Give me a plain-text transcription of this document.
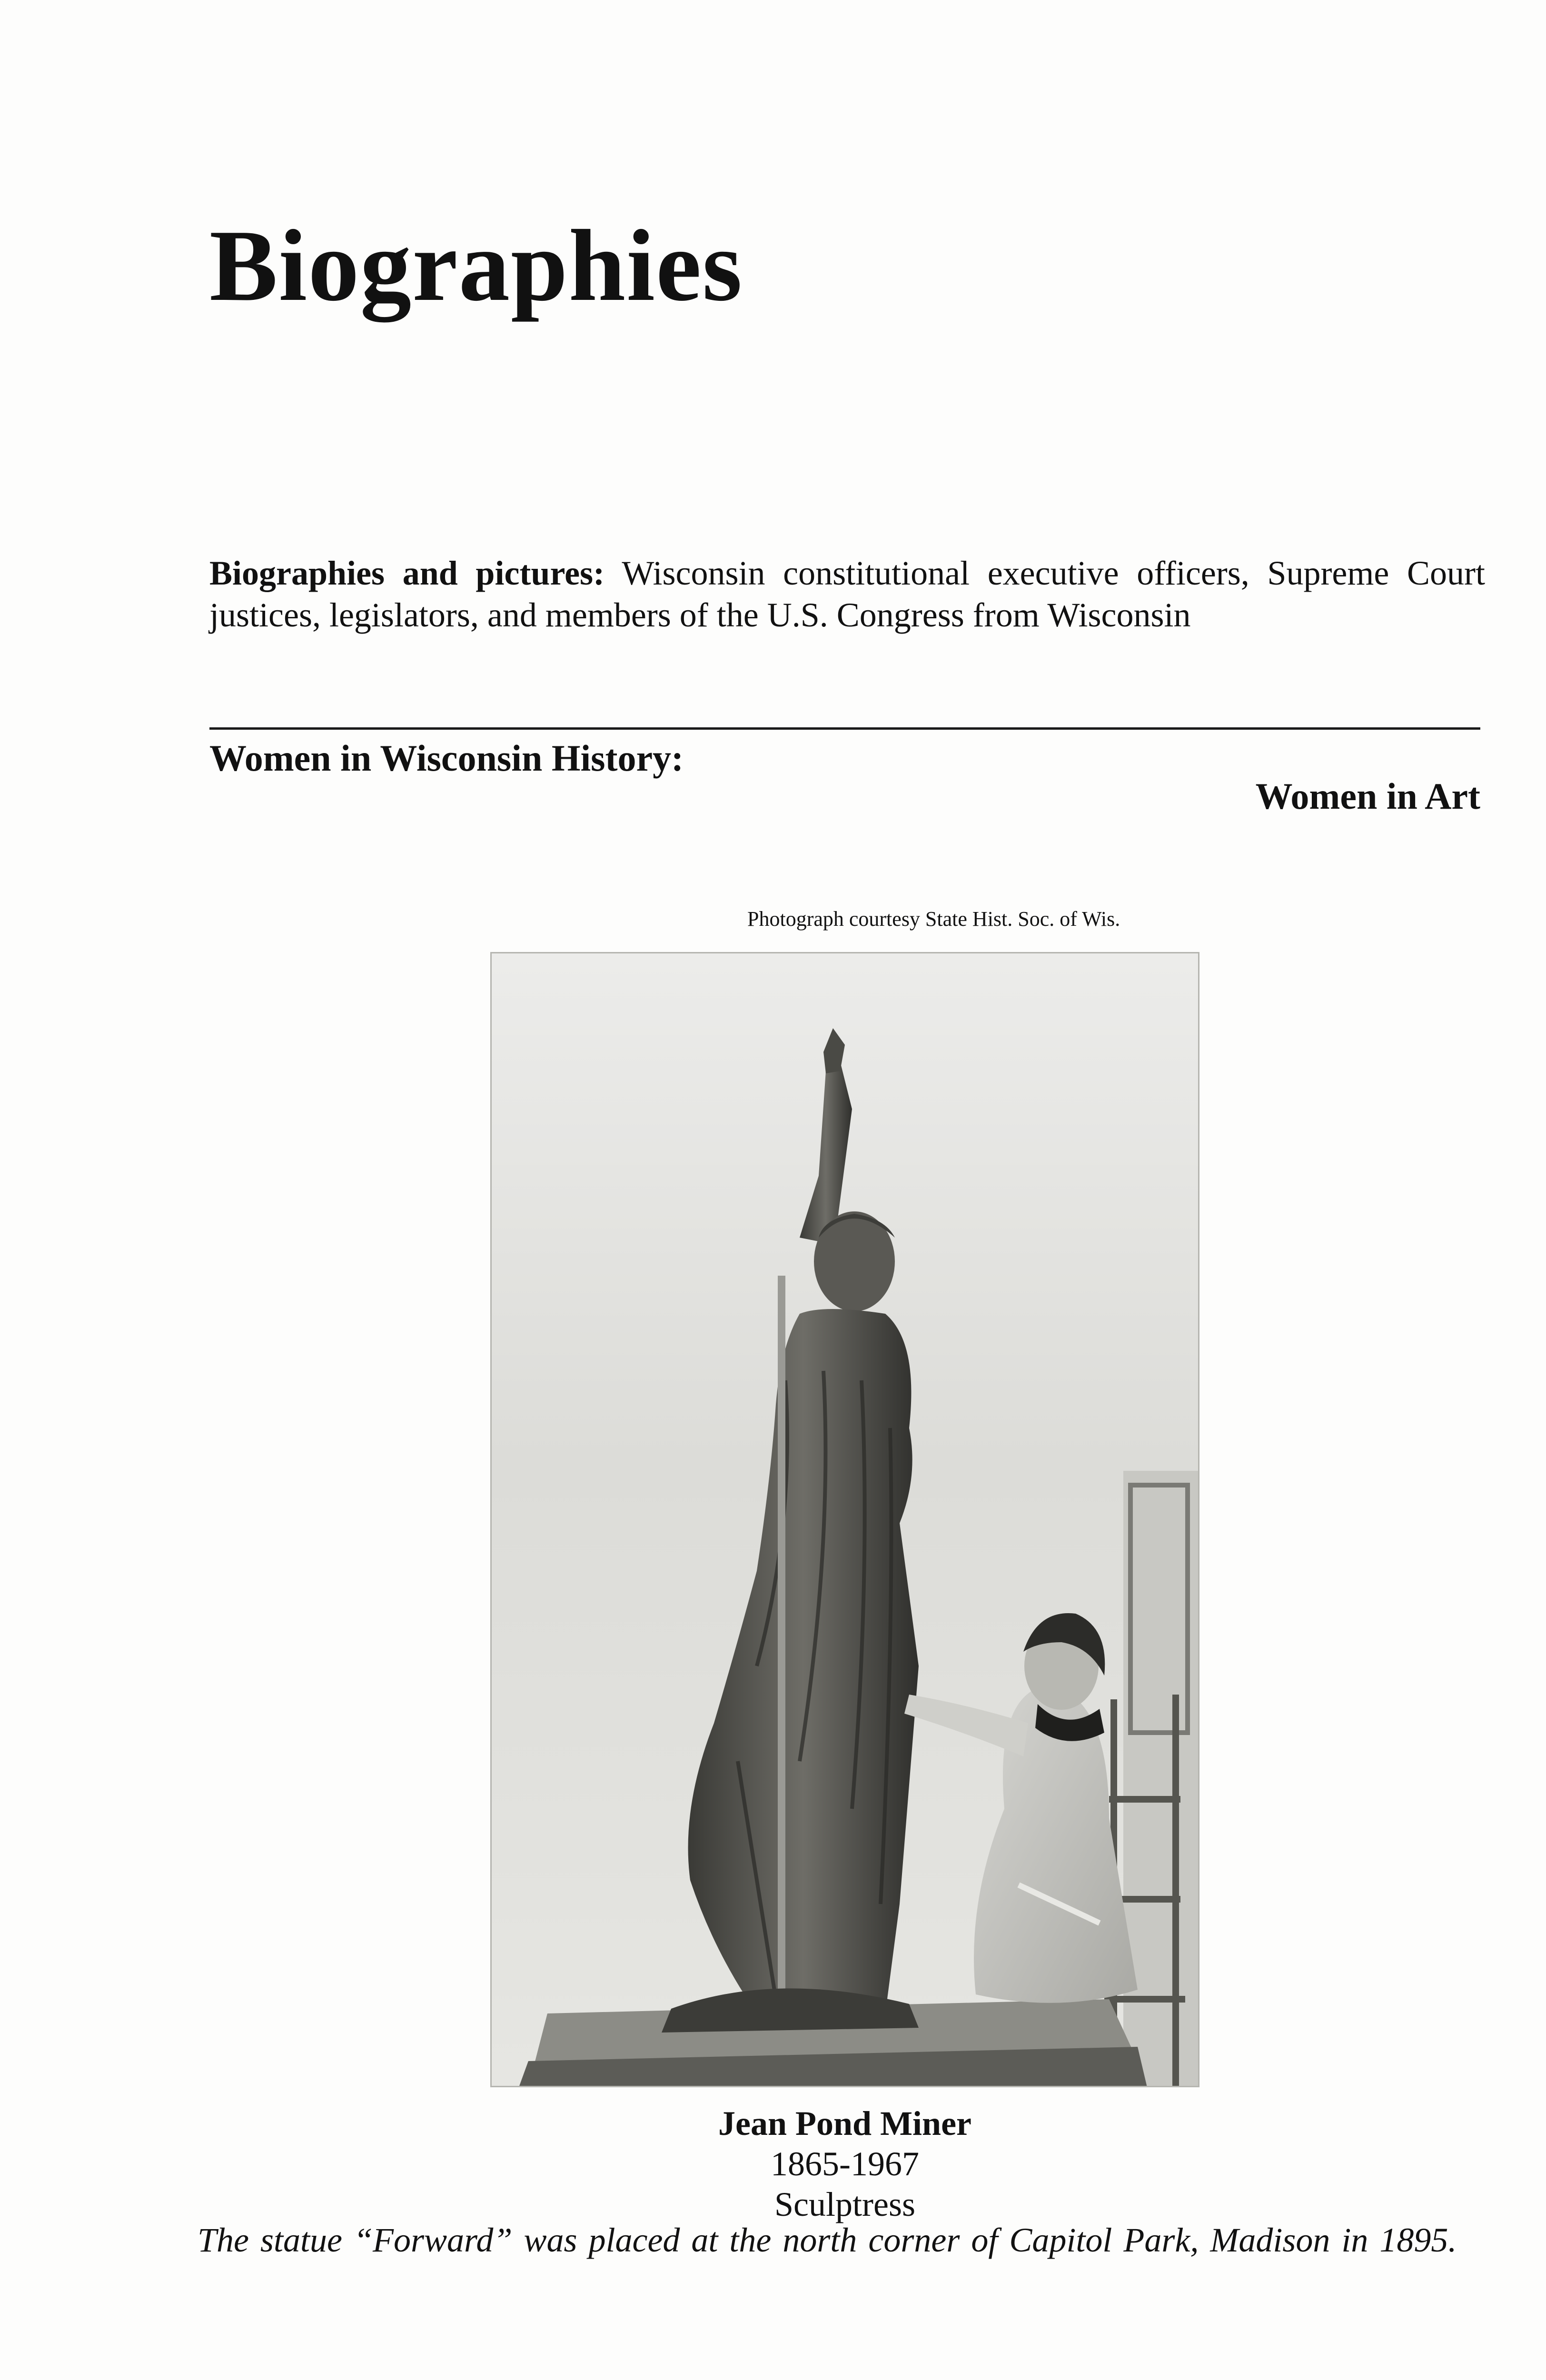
Biographies
Biographies and pictures: Wisconsin constitutional executive officers, Supreme Court justices, legislators, and members of the U.S. Congress from Wisconsin
Women in Wisconsin History:
Women in Art
Photograph courtesy State Hist. Soc. of Wis.
Jean Pond Miner
1865-1967
Sculptress
The statue “Forward” was placed at the north corner of Capitol Park, Madison in 1895.
